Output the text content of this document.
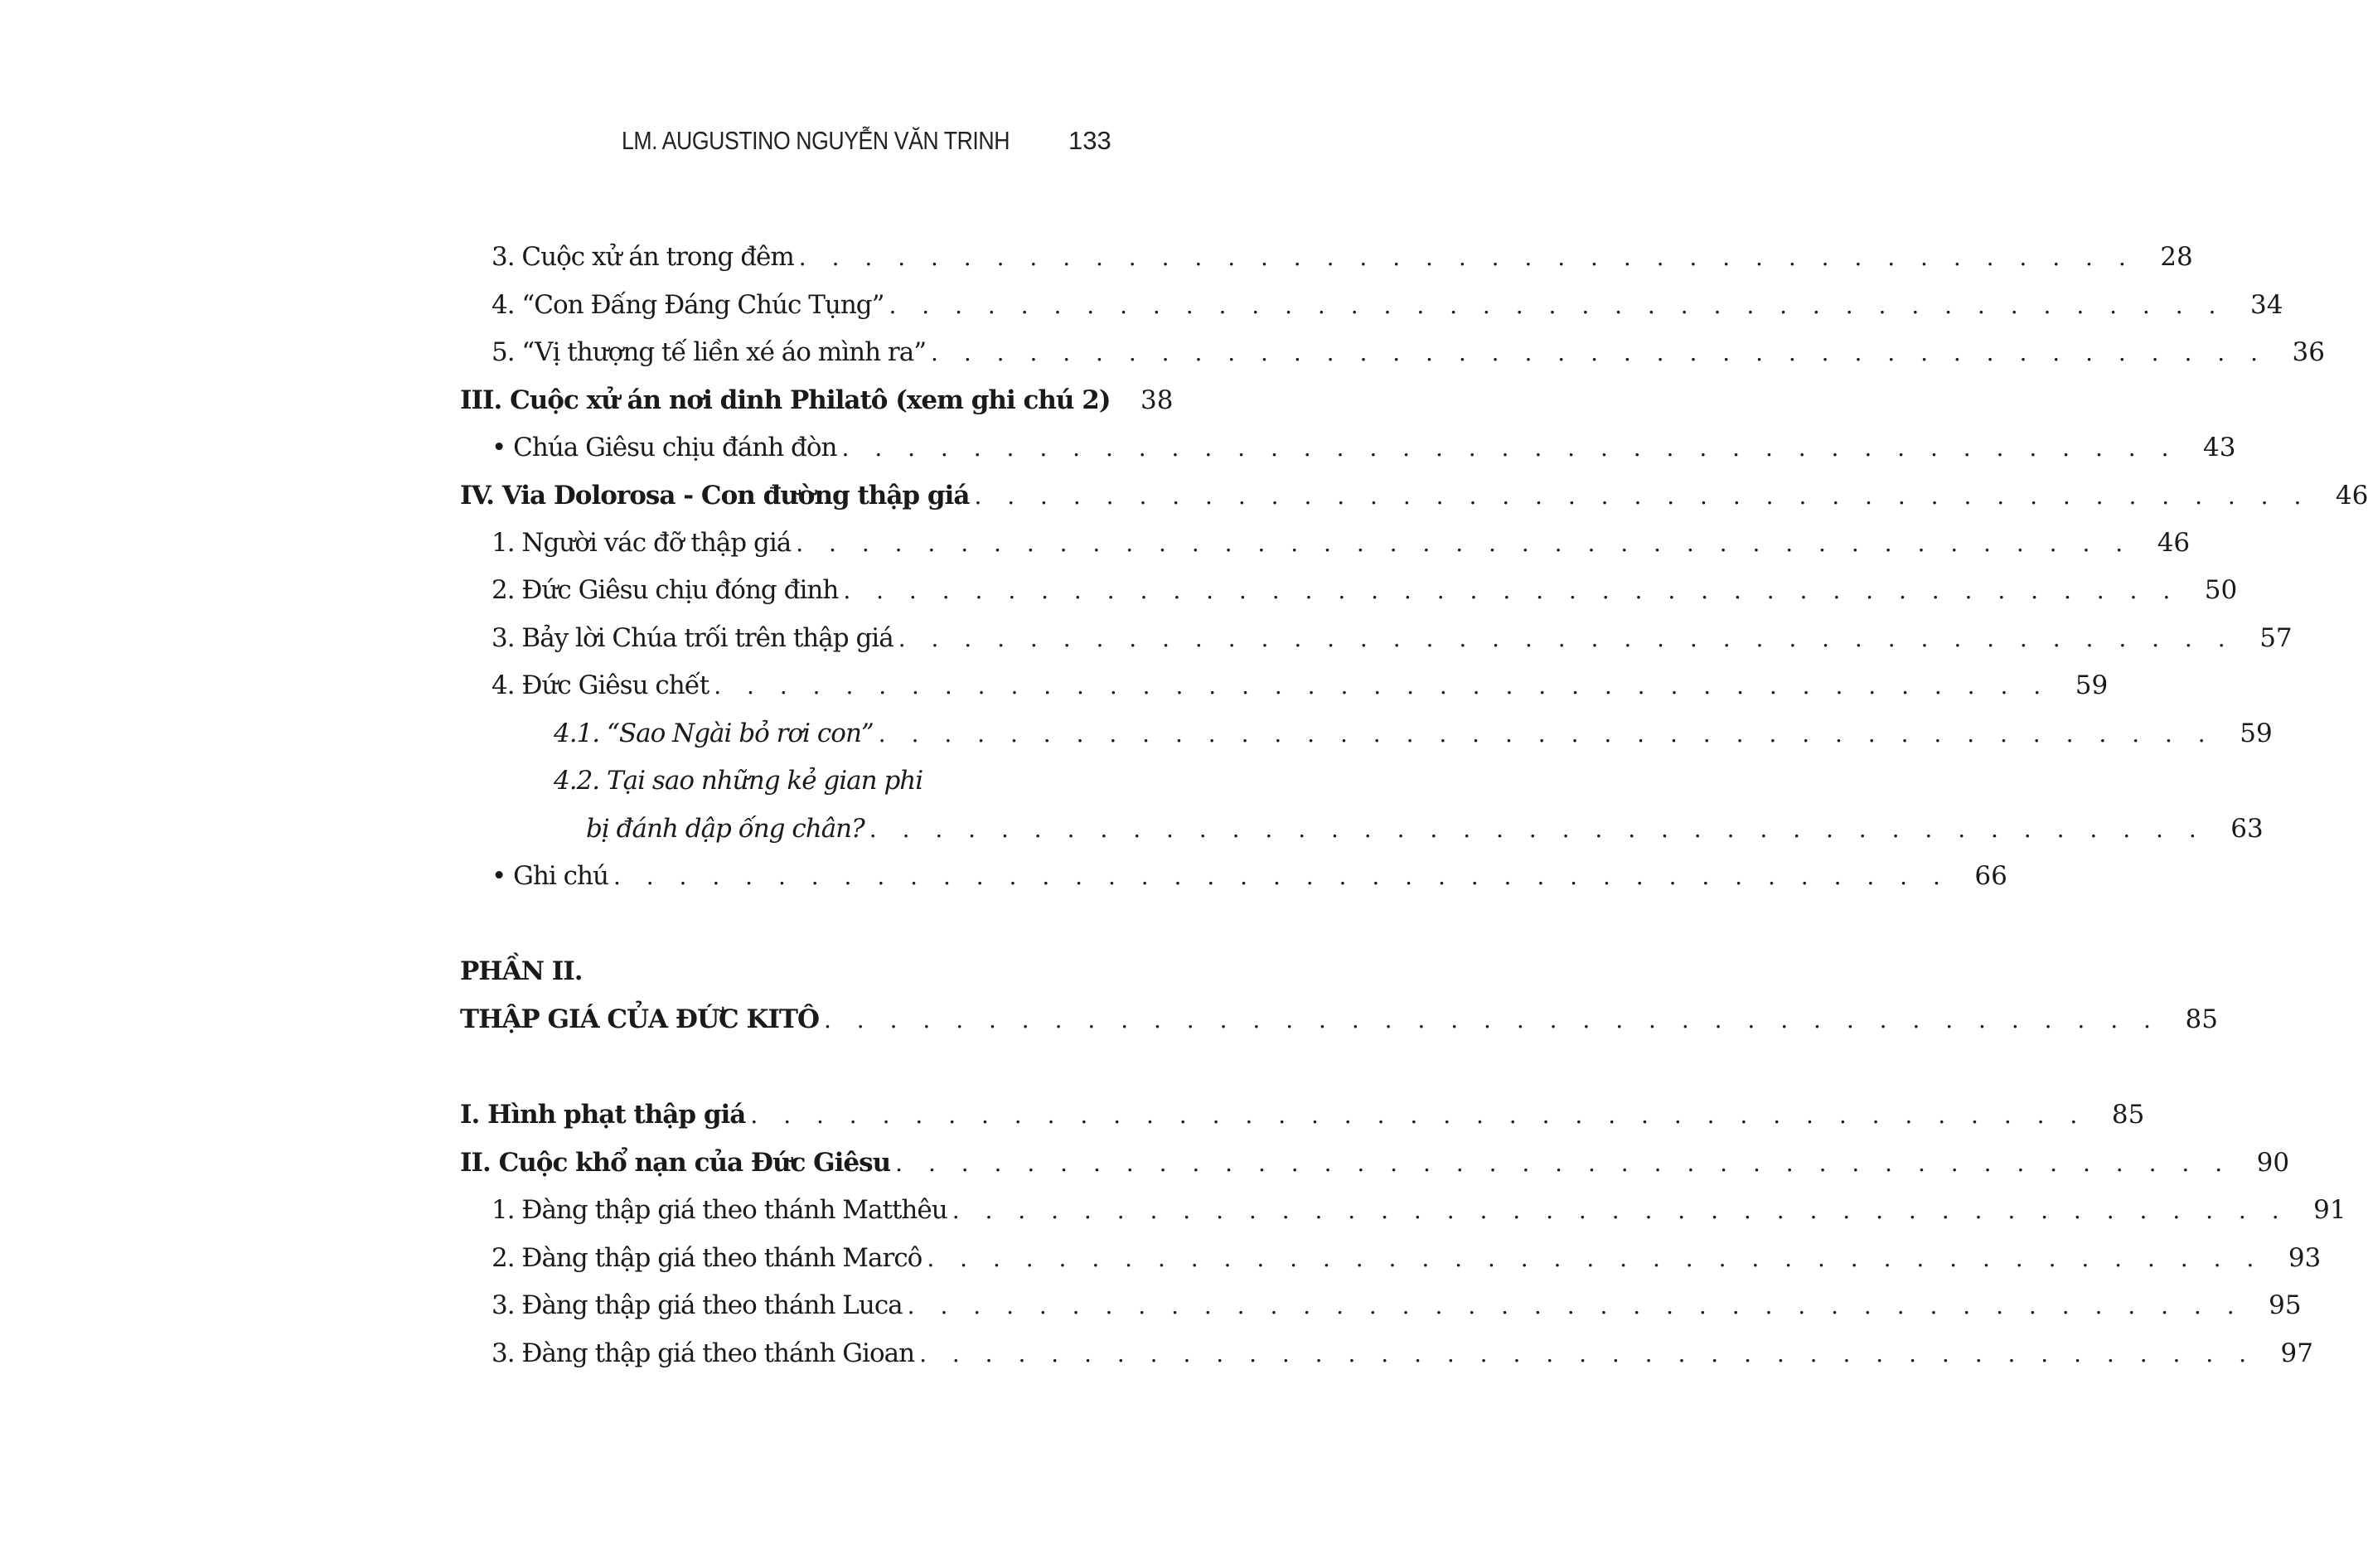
LM. AUGUSTINO NGUYỄN VĂN TRINH 133
3. Cuộc xử án trong đêm . . . . . . . . . . . . . . . . . . . . . . . . . . . . . . . . . . . . . . . . . 28
4. “Con Đấng Đáng Chúc Tụng” . . . . . . . . . . . . . . . . . . . . . . . . . . . . . . . . . . . . . . . . . 34
5. “Vị thượng tế liền xé áo mình ra” . . . . . . . . . . . . . . . . . . . . . . . . . . . . . . . . . . . . . . . . . 36
III. Cuộc xử án nơi dinh Philatô (xem ghi chú 2)	38
• Chúa Giêsu chịu đánh đòn . . . . . . . . . . . . . . . . . . . . . . . . . . . . . . . . . . . . . . . . . 43
IV. Via Dolorosa - Con đường thập giá . . . . . . . . . . . . . . . . . . . . . . . . . . . . . . . . . . . . . . . . . 46
1. Người vác đỡ thập giá . . . . . . . . . . . . . . . . . . . . . . . . . . . . . . . . . . . . . . . . . 46
2. Đức Giêsu chịu đóng đinh . . . . . . . . . . . . . . . . . . . . . . . . . . . . . . . . . . . . . . . . . 50
3. Bảy lời Chúa trối trên thập giá . . . . . . . . . . . . . . . . . . . . . . . . . . . . . . . . . . . . . . . . . 57
4. Đức Giêsu chết . . . . . . . . . . . . . . . . . . . . . . . . . . . . . . . . . . . . . . . . . 59
4.1. “Sao Ngài bỏ rơi con” . . . . . . . . . . . . . . . . . . . . . . . . . . . . . . . . . . . . . . . . . 59
4.2. Tại sao những kẻ gian phi
bị đánh dập ống chân? . . . . . . . . . . . . . . . . . . . . . . . . . . . . . . . . . . . . . . . . . 63
• Ghi chú . . . . . . . . . . . . . . . . . . . . . . . . . . . . . . . . . . . . . . . . . 66
PHẦN II.
THẬP GIÁ CỦA ĐỨC KITÔ . . . . . . . . . . . . . . . . . . . . . . . . . . . . . . . . . . . . . . . . . 85
I. Hình phạt thập giá . . . . . . . . . . . . . . . . . . . . . . . . . . . . . . . . . . . . . . . . . 85
II. Cuộc khổ nạn của Đức Giêsu . . . . . . . . . . . . . . . . . . . . . . . . . . . . . . . . . . . . . . . . . 90
1. Đàng thập giá theo thánh Matthêu . . . . . . . . . . . . . . . . . . . . . . . . . . . . . . . . . . . . . . . . . 91
2. Đàng thập giá theo thánh Marcô . . . . . . . . . . . . . . . . . . . . . . . . . . . . . . . . . . . . . . . . . 93
3. Đàng thập giá theo thánh Luca . . . . . . . . . . . . . . . . . . . . . . . . . . . . . . . . . . . . . . . . . 95
3. Đàng thập giá theo thánh Gioan . . . . . . . . . . . . . . . . . . . . . . . . . . . . . . . . . . . . . . . . . 97
